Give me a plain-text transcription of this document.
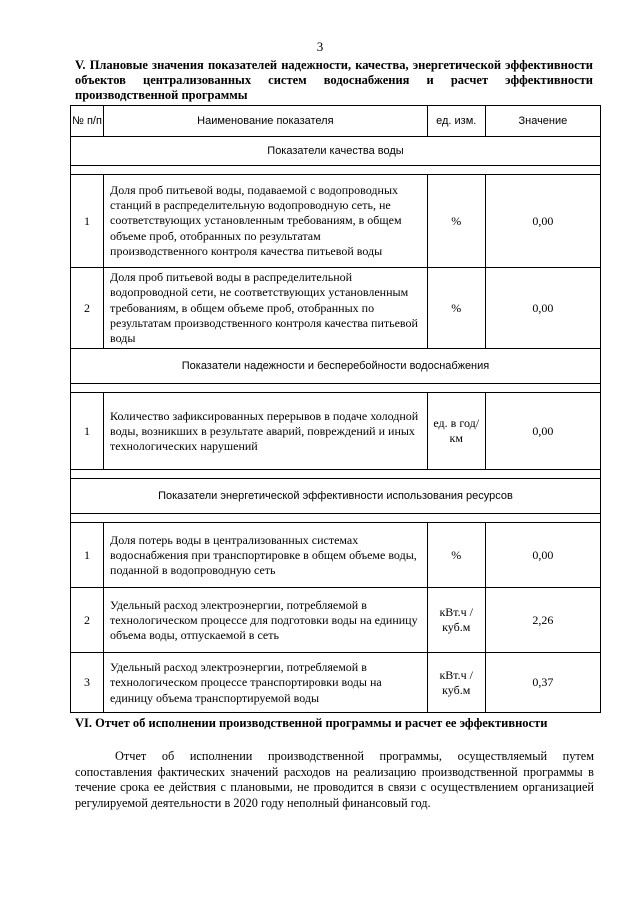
3
V. Плановые значения показателей надежности, качества, энергетической эффективности объектов централизованных систем водоснабжения и расчет эффективности производственной программы
№ п/п	Наименование показателя	ед. изм.	Значение
Показатели качества воды			

1	Доля проб питьевой воды, подаваемой с водопроводных станций в распределительную водопроводную сеть, не соответствующих установленным требованиям, в общем объеме проб, отобранных по результатам производственного контроля качества питьевой воды	%	0,00
2	Доля проб питьевой воды в распределительной водопроводной сети, не соответствующих установленным требованиям, в общем объеме проб, отобранных по результатам производственного контроля качества питьевой воды	%	0,00
Показатели надежности и бесперебойности водоснабжения			

1	Количество зафиксированных перерывов в подаче холодной воды, возникших в результате аварий, повреждений и иных технологических нарушений	ед. в год/ км	0,00

Показатели энергетической эффективности использования ресурсов			

1	Доля потерь воды в централизованных системах водоснабжения при транспортировке в общем объеме воды, поданной в водопроводную сеть	%	0,00
2	Удельный расход электроэнергии, потребляемой в технологическом процессе для подготовки воды на единицу объема воды, отпускаемой в сеть	кВт.ч / куб.м	2,26
3	Удельный расход электроэнергии, потребляемой в технологическом процессе транспортировки воды на единицу объема транспортируемой воды	кВт.ч / куб.м	0,37
VI. Отчет об исполнении производственной программы и расчет ее эффективности
Отчет об исполнении производственной программы, осуществляемый путем сопоставления фактических значений расходов на реализацию производственной программы в течение срока ее действия с плановыми, не проводится в связи с осуществлением организацией регулируемой деятельности в 2020 году неполный финансовый год.
